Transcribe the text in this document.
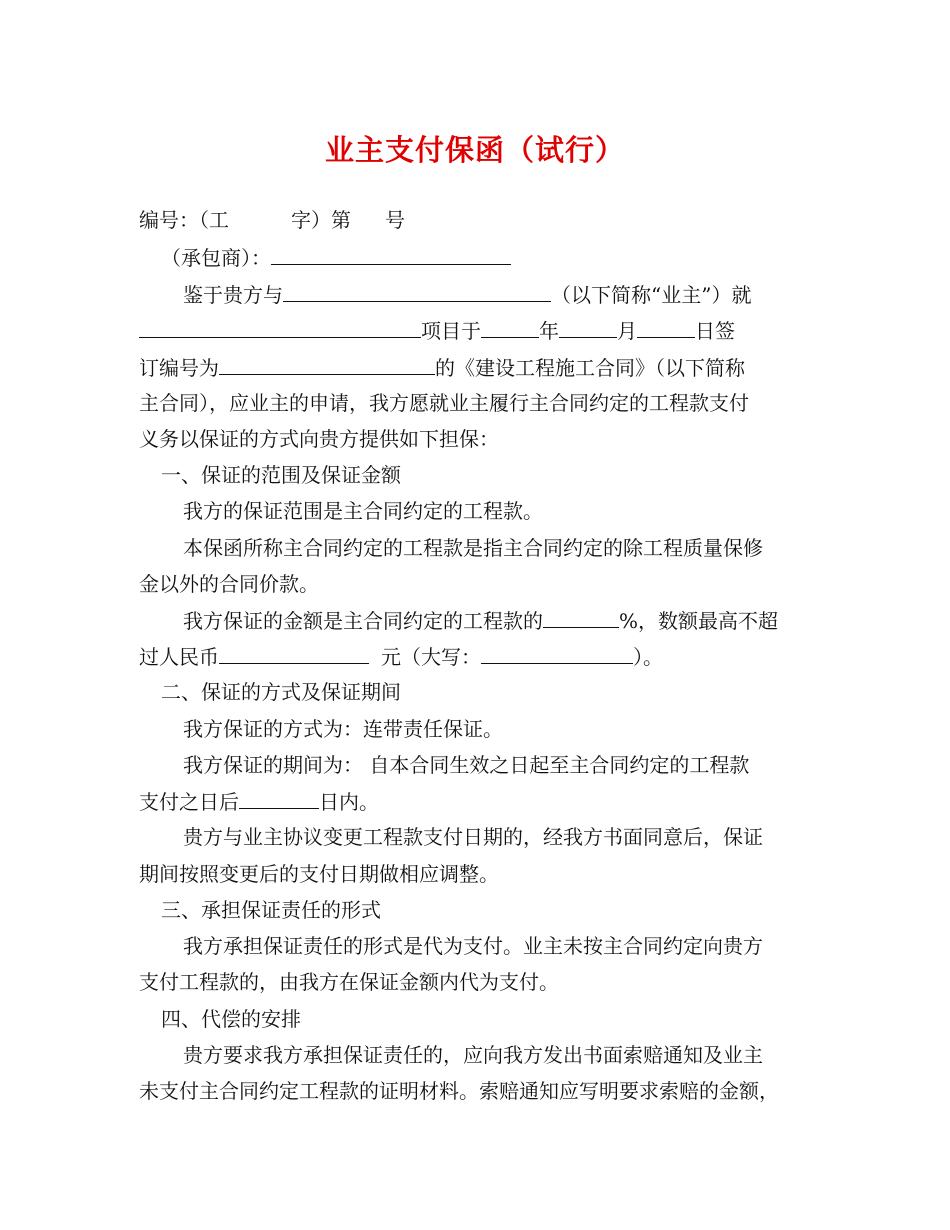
业主支付保函（试行）
编号：（工	字）第 号
（承包商）：
鉴于贵方与	（以下简称“业主”）就
项目于	年	月	日签
订编号为	的《建设工程施工合同》（以下简称
主合同），应业主的申请，我方愿就业主履行主合同约定的工程款支付
义务以保证的方式向贵方提供如下担保：
一、保证的范围及保证金额
我方的保证范围是主合同约定的工程款。
本保函所称主合同约定的工程款是指主合同约定的除工程质量保修
金以外的合同价款。
我方保证的金额是主合同约定的工程款的	%，数额最高不超
过人民币	元（大写：	）。
二、保证的方式及保证期间
我方保证的方式为：连带责任保证。
我方保证的期间为： 自本合同生效之日起至主合同约定的工程款
支付之日后	日内。
贵方与业主协议变更工程款支付日期的，经我方书面同意后，保证
期间按照变更后的支付日期做相应调整。
三、承担保证责任的形式
我方承担保证责任的形式是代为支付。业主未按主合同约定向贵方
支付工程款的，由我方在保证金额内代为支付。
四、代偿的安排
贵方要求我方承担保证责任的，应向我方发出书面索赔通知及业主
未支付主合同约定工程款的证明材料。索赔通知应写明要求索赔的金额，
